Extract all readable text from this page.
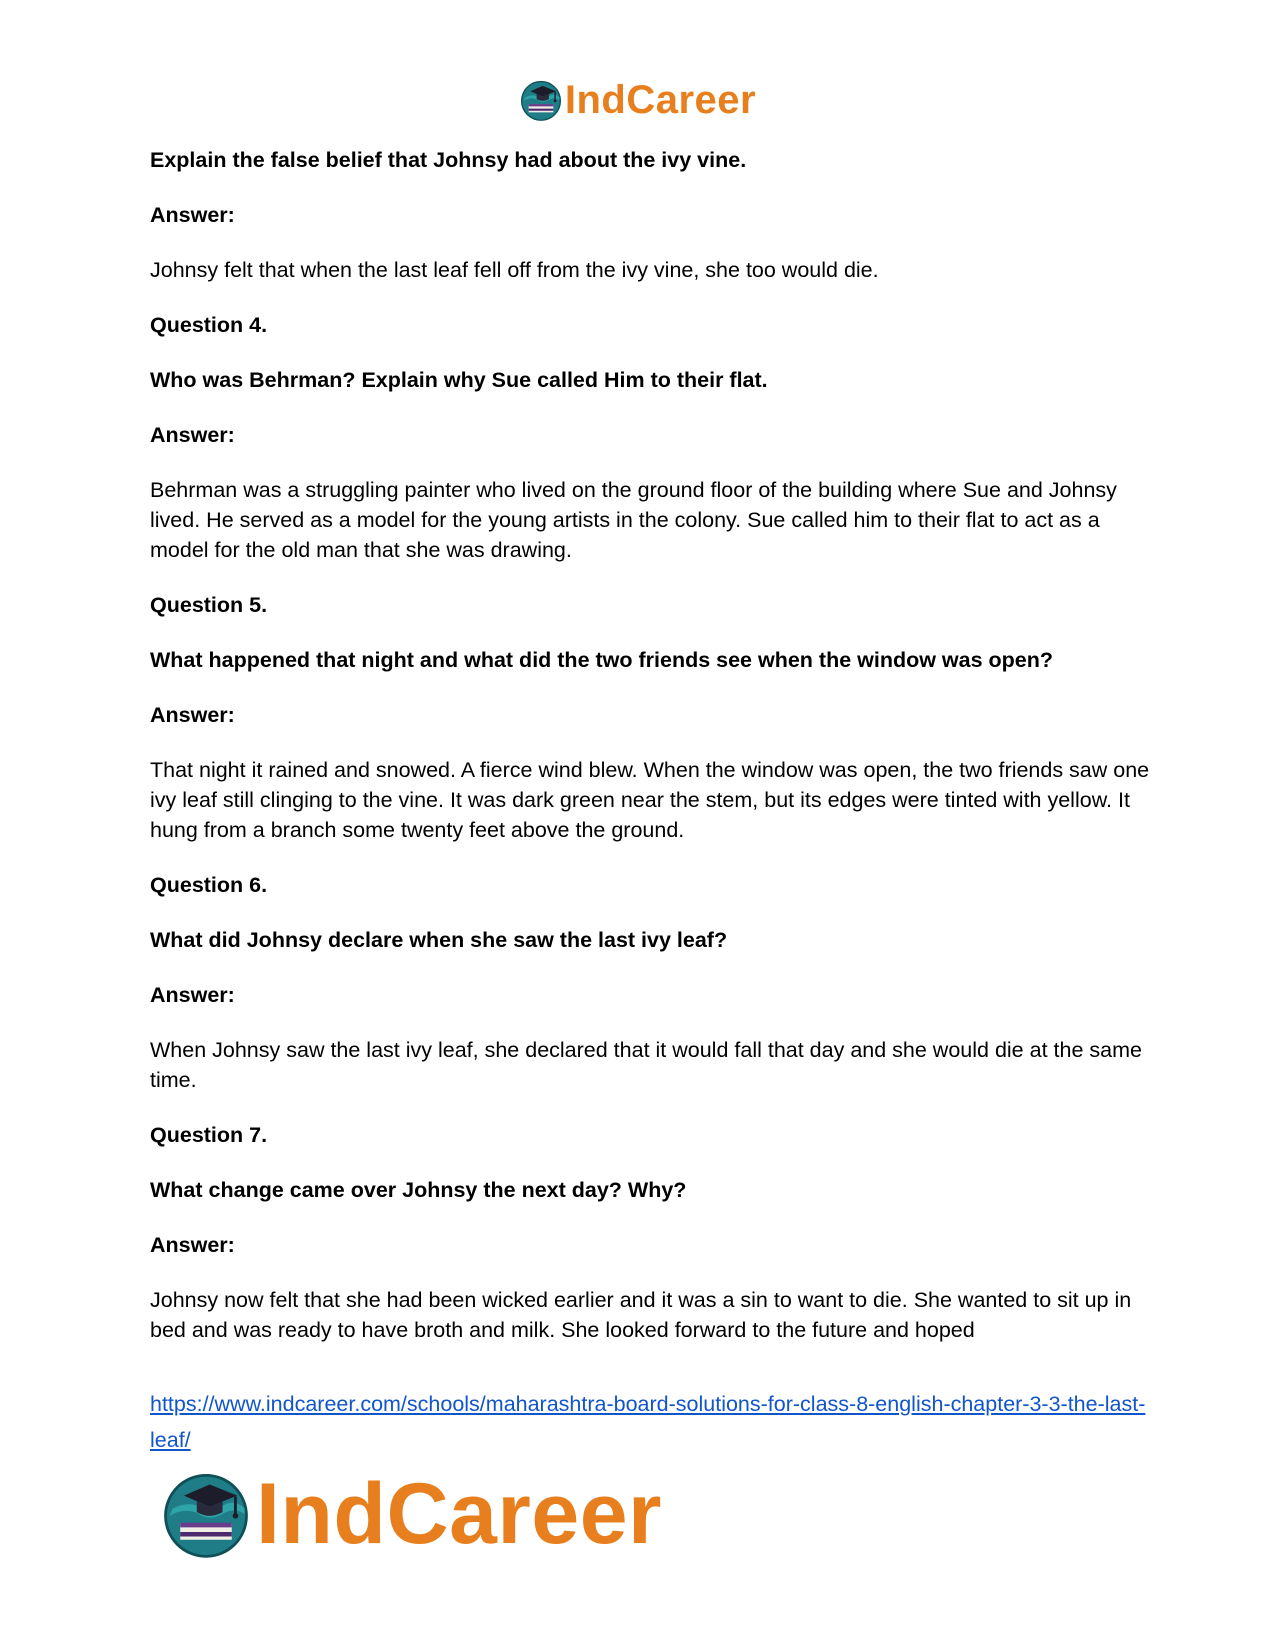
IndCareer

Explain the false belief that Johnsy had about the ivy vine.

Answer:

Johnsy felt that when the last leaf fell off from the ivy vine, she too would die.

Question 4.

Who was Behrman? Explain why Sue called Him to their flat.

Answer:

Behrman was a struggling painter who lived on the ground floor of the building where Sue and Johnsy lived. He served as a model for the young artists in the colony. Sue called him to their flat to act as a model for the old man that she was drawing.

Question 5.

What happened that night and what did the two friends see when the window was open?

Answer:

That night it rained and snowed. A fierce wind blew. When the window was open, the two friends saw one ivy leaf still clinging to the vine. It was dark green near the stem, but its edges were tinted with yellow. It hung from a branch some twenty feet above the ground.

Question 6.

What did Johnsy declare when she saw the last ivy leaf?

Answer:

When Johnsy saw the last ivy leaf, she declared that it would fall that day and she would die at the same time.

Question 7.

What change came over Johnsy the next day? Why?

Answer:

Johnsy now felt that she had been wicked earlier and it was a sin to want to die. She wanted to sit up in bed and was ready to have broth and milk. She looked forward to the future and hoped

https://www.indcareer.com/schools/maharashtra-board-solutions-for-class-8-english-chapter-3-3-the-last-leaf/
IndCareer
